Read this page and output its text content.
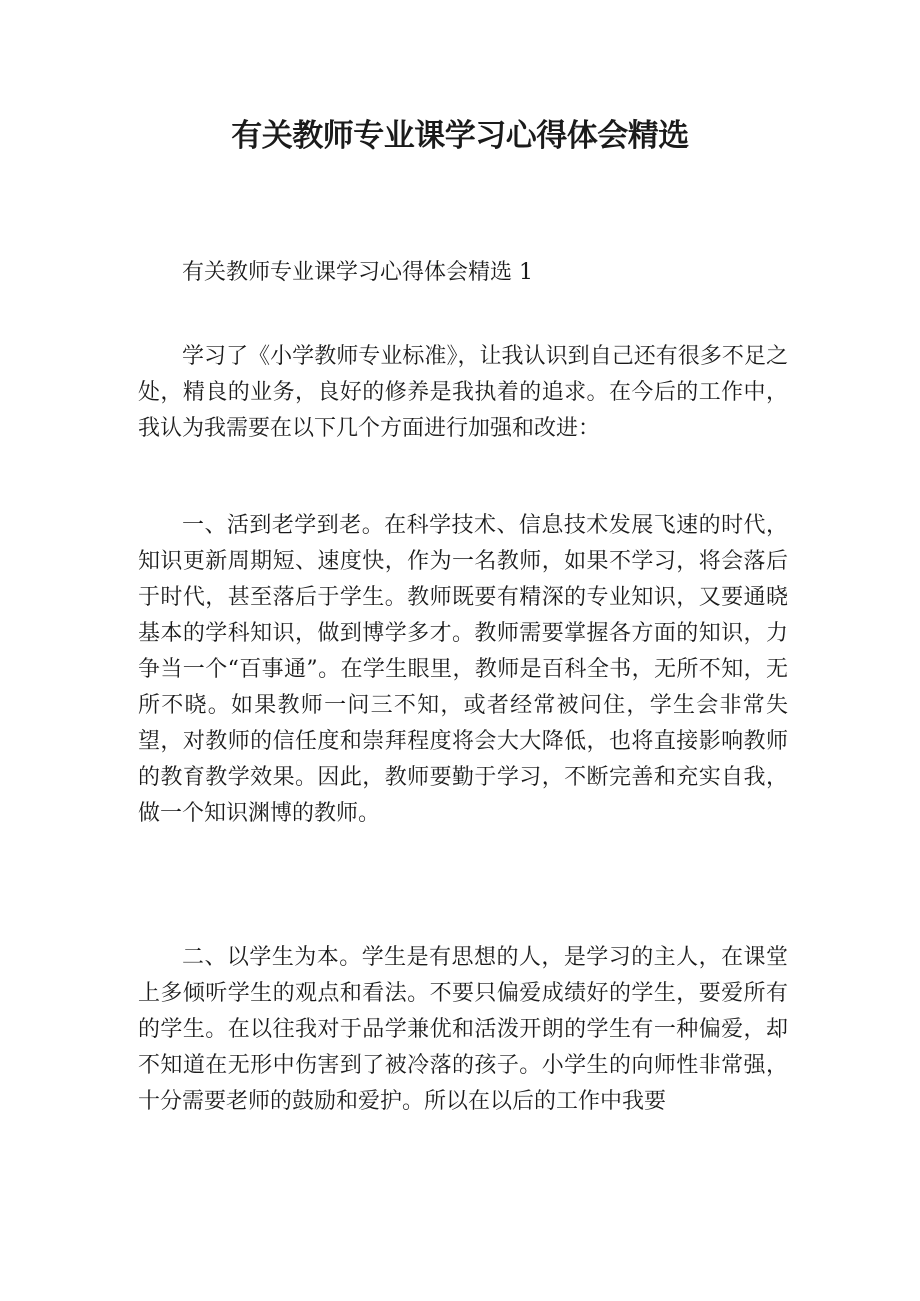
有关教师专业课学习心得体会精选

有关教师专业课学习心得体会精选 1

学习了《小学教师专业标准》，让我认识到自己还有很多不足之处，精良的业务，良好的修养是我执着的追求。在今后的工作中，我认为我需要在以下几个方面进行加强和改进：

一、活到老学到老。在科学技术、信息技术发展飞速的时代，知识更新周期短、速度快，作为一名教师，如果不学习，将会落后于时代，甚至落后于学生。教师既要有精深的专业知识，又要通晓基本的学科知识，做到博学多才。教师需要掌握各方面的知识，力争当一个“百事通”。在学生眼里，教师是百科全书，无所不知，无所不晓。如果教师一问三不知，或者经常被问住，学生会非常失望，对教师的信任度和崇拜程度将会大大降低，也将直接影响教师的教育教学效果。因此，教师要勤于学习，不断完善和充实自我，做一个知识渊博的教师。

二、以学生为本。学生是有思想的人，是学习的主人，在课堂上多倾听学生的观点和看法。不要只偏爱成绩好的学生，要爱所有的学生。在以往我对于品学兼优和活泼开朗的学生有一种偏爱，却不知道在无形中伤害到了被冷落的孩子。小学生的向师性非常强，十分需要老师的鼓励和爱护。所以在以后的工作中我要
